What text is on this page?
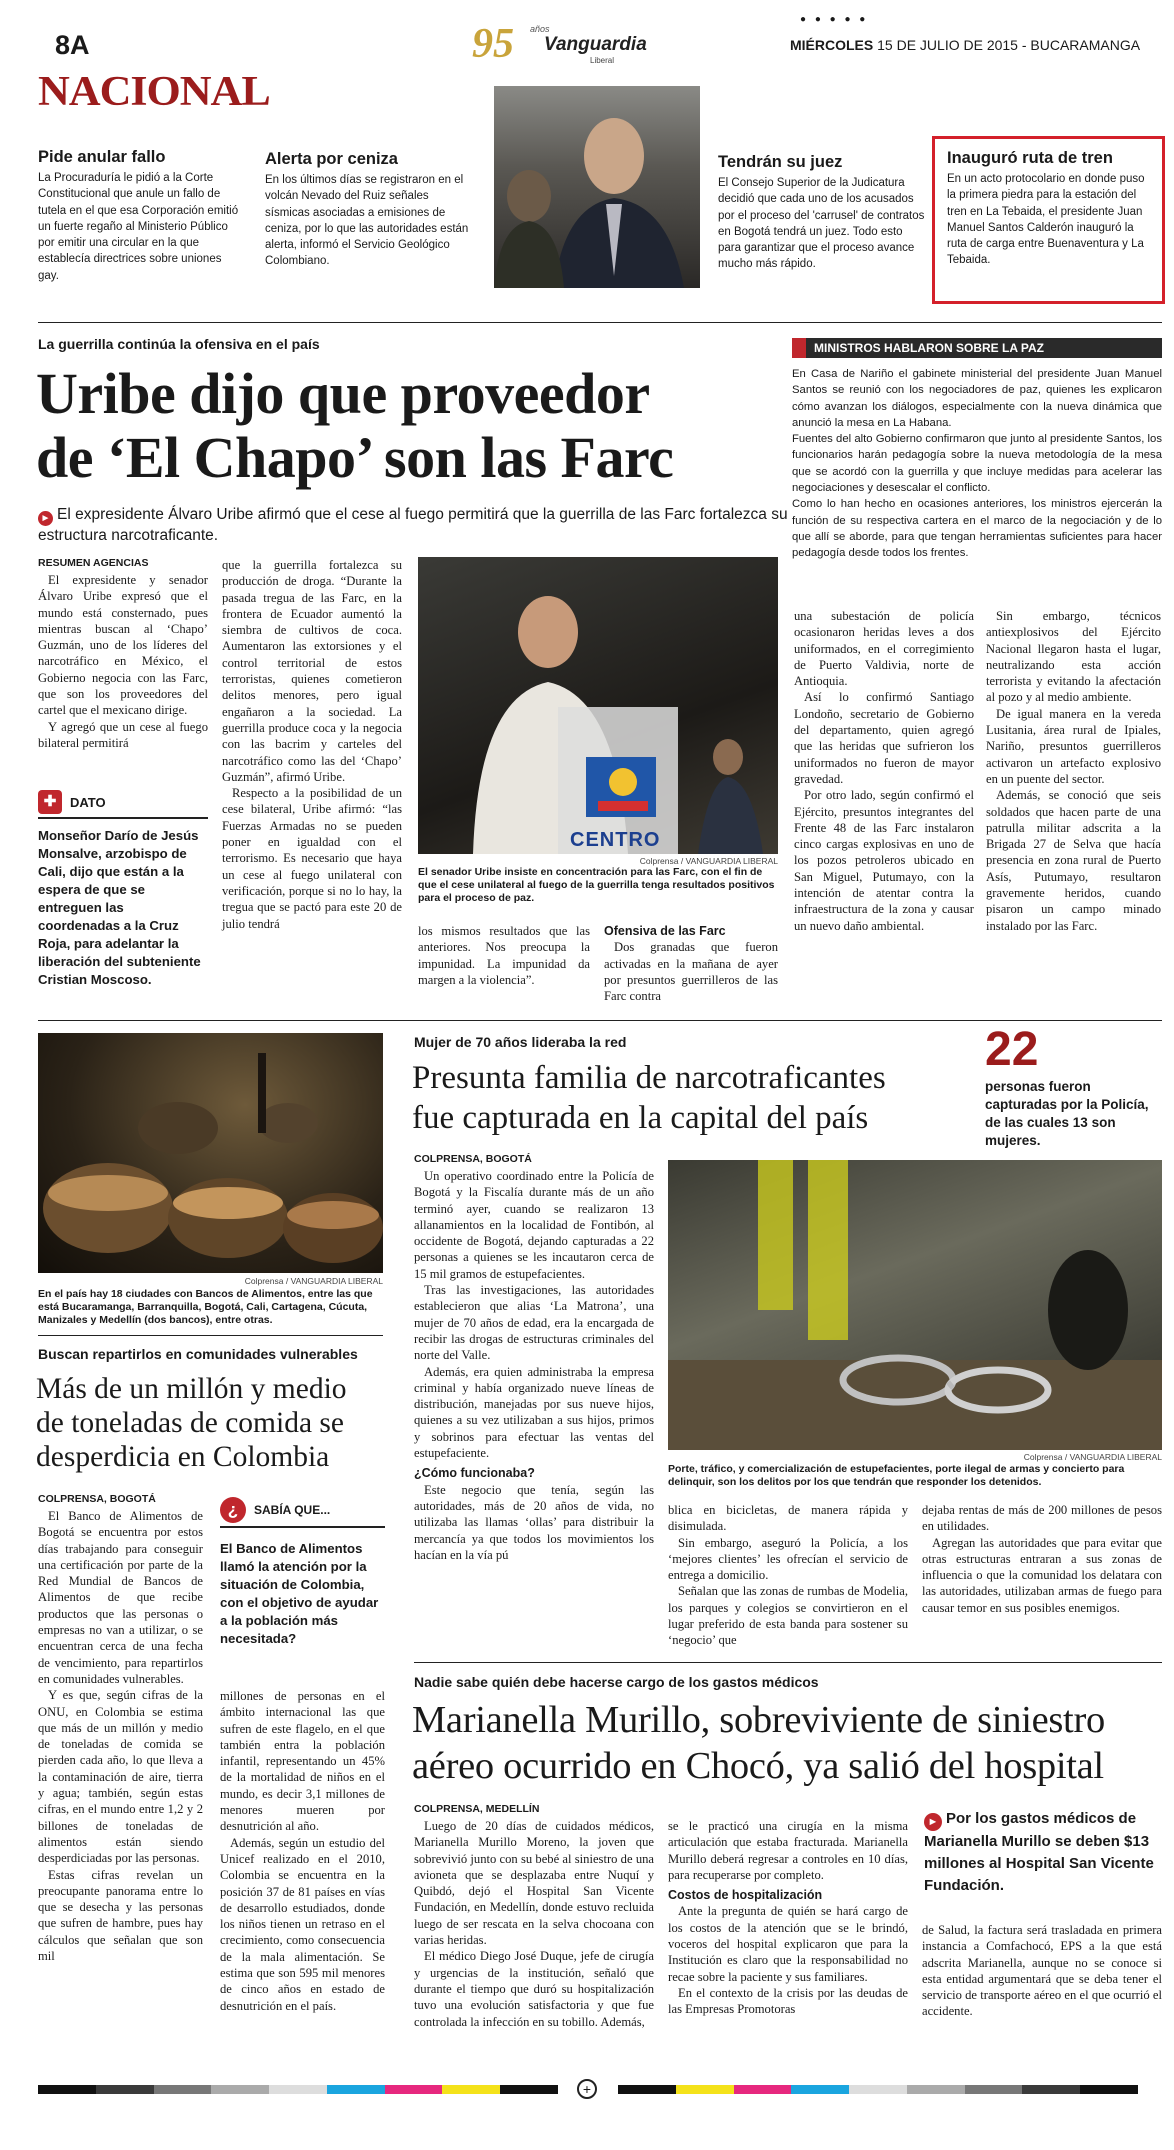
8A
NACIONAL
95 años
Vanguardia
Liberal
MIÉRCOLES 15 DE JULIO DE 2015 - BUCARAMANGA
● ● ● ● ●
Pide anular fallo
La Procuraduría le pidió a la Corte Constitucional que anule un fallo de tutela en el que esa Corporación emitió un fuerte regaño al Ministerio Público por emitir una circular en la que establecía directrices sobre uniones gay.
Alerta por ceniza
En los últimos días se registraron en el volcán Nevado del Ruiz señales sísmicas asociadas a emisiones de ceniza, por lo que las autoridades están alerta, informó el Servicio Geológico Colombiano.
Tendrán su juez
El Consejo Superior de la Judicatura decidió que cada uno de los acusados por el proceso del 'carrusel' de contratos en Bogotá tendrá un juez. Todo esto para garantizar que el proceso avance mucho más rápido.
Inauguró ruta de tren
En un acto protocolario en donde puso la primera piedra para la estación del tren en La Tebaida, el presidente Juan Manuel Santos Calderón inauguró la ruta de carga entre Buenaventura y La Tebaida.
La guerrilla continúa la ofensiva en el país
Uribe dijo que proveedor
de ‘El Chapo’ son las Farc
► El expresidente Álvaro Uribe afirmó que el cese al fuego permitirá que la guerrilla de las Farc fortalezca su estructura narcotraficante.
RESUMEN AGENCIAS

El expresidente y senador Álvaro Uribe expresó que el mundo está consternado, pues mientras buscan al ‘Chapo’ Guzmán, uno de los líderes del narcotráfico en México, el Gobierno negocia con las Farc, que son los proveedores del cartel que el mexicano dirige.

Y agregó que un cese al fuego bilateral permitirá

✚	DATO
Monseñor Darío de Jesús Monsalve, arzobispo de Cali, dijo que están a la espera de que se entreguen las coordenadas a la Cruz Roja, para adelantar la liberación del subteniente Cristian Moscoso.

que la guerrilla fortalezca su producción de droga. “Durante la pasada tregua de las Farc, en la frontera de Ecuador aumentó la siembra de cultivos de coca. Aumentaron las extorsiones y el control territorial de estos terroristas, quienes cometieron delitos menores, pero igual engañaron a la sociedad. La guerrilla produce coca y la negocia con las bacrim y carteles del narcotráfico como las del ‘Chapo’ Guzmán”, afirmó Uribe.

Respecto a la posibilidad de un cese bilateral, Uribe afirmó: “las Fuerzas Armadas no se pueden poner en igualdad con el terrorismo. Es necesario que haya un cese al fuego unilateral con verificación, porque si no lo hay, la tregua que se pactó para este 20 de julio tendrá

CENTRO
Colprensa / VANGUARDIA LIBERAL
El senador Uribe insiste en concentración para las Farc, con el fin de que el cese unilateral al fuego de la guerrilla tenga resultados positivos para el proceso de paz.

los mismos resultados que las anteriores. Nos preocupa la impunidad. La impunidad da margen a la violencia”.

Ofensiva de las Farc

Dos granadas que fueron activadas en la mañana de ayer por presuntos guerrilleros de las Farc contra

MINISTROS HABLARON SOBRE LA PAZ
En Casa de Nariño el gabinete ministerial del presidente Juan Manuel Santos se reunió con los negociadores de paz, quienes les explicaron cómo avanzan los diálogos, especialmente con la nueva dinámica que anunció la mesa en La Habana.
Fuentes del alto Gobierno confirmaron que junto al presidente Santos, los funcionarios harán pedagogía sobre la nueva metodología de la mesa que se acordó con la guerrilla y que incluye medidas para acelerar las negociaciones y desescalar el conflicto.
Como lo han hecho en ocasiones anteriores, los ministros ejercerán la función de su respectiva cartera en el marco de la negociación y de lo que allí se aborde, para que tengan herramientas suficientes para hacer pedagogía desde todos los frentes.

una subestación de policía ocasionaron heridas leves a dos uniformados, en el corregimiento de Puerto Valdivia, norte de Antioquia.

Así lo confirmó Santiago Londoño, secretario de Gobierno del departamento, quien agregó que las heridas que sufrieron los uniformados no fueron de mayor gravedad.

Por otro lado, según confirmó el Ejército, presuntos integrantes del Frente 48 de las Farc instalaron cinco cargas explosivas en uno de los pozos petroleros ubicado en San Miguel, Putumayo, con la intención de atentar contra la infraestructura de la zona y causar un nuevo daño ambiental.

Sin embargo, técnicos antiexplosivos del Ejército Nacional llegaron hasta el lugar, neutralizando esta acción terrorista y evitando la afectación al pozo y al medio ambiente.

De igual manera en la vereda Lusitania, área rural de Ipiales, Nariño, presuntos guerrilleros activaron un artefacto explosivo en un puente del sector.

Además, se conoció que seis soldados que hacen parte de una patrulla militar adscrita a la Brigada 27 de Selva que hacía presencia en zona rural de Puerto Asís, Putumayo, resultaron gravemente heridos, cuando pisaron un campo minado instalado por las Farc.

Colprensa / VANGUARDIA LIBERAL
En el país hay 18 ciudades con Bancos de Alimentos, entre las que está Bucaramanga, Barranquilla, Bogotá, Cali, Cartagena, Cúcuta, Manizales y Medellín (dos bancos), entre otras.
Buscan repartirlos en comunidades vulnerables
Más de un millón y medio
de toneladas de comida se
desperdicia en Colombia
COLPRENSA, BOGOTÁ

El Banco de Alimentos de Bogotá se encuentra por estos días trabajando para conseguir una certificación por parte de la Red Mundial de Bancos de Alimentos de que recibe productos que las personas o empresas no van a utilizar, o se encuentran cerca de una fecha de vencimiento, para repartirlos en comunidades vulnerables.

Y es que, según cifras de la ONU, en Colombia se estima que más de un millón y medio de toneladas de comida se pierden cada año, lo que lleva a la contaminación de aire, tierra y agua; también, según estas cifras, en el mundo entre 1,2 y 2 billones de toneladas de alimentos están siendo desperdiciadas por las personas.

Estas cifras revelan un preocupante panorama entre lo que se desecha y las personas que sufren de hambre, pues hay cálculos que señalan que son mil

¿	SABÍA QUE...
El Banco de Alimentos llamó la atención por la situación de Colombia, con el objetivo de ayudar a la población más necesitada?

millones de personas en el ámbito internacional las que sufren de este flagelo, en el que también entra la población infantil, representando un 45% de la mortalidad de niños en el mundo, es decir 3,1 millones de menores mueren por desnutrición al año.

Además, según un estudio del Unicef realizado en el 2010, Colombia se encuentra en la posición 37 de 81 países en vías de desarrollo estudiados, donde los niños tienen un retraso en el crecimiento, como consecuencia de la mala alimentación. Se estima que son 595 mil menores de cinco años en estado de desnutrición en el país.

Mujer de 70 años lideraba la red
Presunta familia de narcotraficantes
fue capturada en la capital del país
22
personas fueron capturadas por la Policía, de las cuales 13 son mujeres.
COLPRENSA, BOGOTÁ

Un operativo coordinado entre la Policía de Bogotá y la Fiscalía durante más de un año terminó ayer, cuando se realizaron 13 allanamientos en la localidad de Fontibón, al occidente de Bogotá, dejando capturadas a 22 personas a quienes se les incautaron cerca de 15 mil gramos de estupefacientes.

Tras las investigaciones, las autoridades establecieron que alias ‘La Matrona’, una mujer de 70 años de edad, era la encargada de recibir las drogas de estructuras criminales del norte del Valle.

Además, era quien administraba la empresa criminal y había organizado nueve líneas de distribución, manejadas por sus nueve hijos, quienes a su vez utilizaban a sus hijos, primos y sobrinos para efectuar las ventas del estupefaciente.

¿Cómo funcionaba?

Este negocio que tenía, según las autoridades, más de 20 años de vida, no utilizaba las llamas ‘ollas’ para distribuir la mercancía ya que todos los movimientos los hacían en la vía pú

Colprensa / VANGUARDIA LIBERAL
Porte, tráfico, y comercialización de estupefacientes, porte ilegal de armas y concierto para delinquir, son los delitos por los que tendrán que responder los detenidos.

blica en bicicletas, de manera rápida y disimulada.

Sin embargo, aseguró la Policía, a los ‘mejores clientes’ les ofrecían el servicio de entrega a domicilio.

Señalan que las zonas de rumbas de Modelia, los parques y colegios se convirtieron en el lugar preferido de esta banda para sostener su ‘negocio’ que

dejaba rentas de más de 200 millones de pesos en utilidades.

Agregan las autoridades que para evitar que otras estructuras entraran a sus zonas de influencia o que la comunidad los delatara con las autoridades, utilizaban armas de fuego para causar temor en sus posibles enemigos.

Nadie sabe quién debe hacerse cargo de los gastos médicos
Marianella Murillo, sobreviviente de siniestro
aéreo ocurrido en Chocó, ya salió del hospital
COLPRENSA, MEDELLÍN

Luego de 20 días de cuidados médicos, Marianella Murillo Moreno, la joven que sobrevivió junto con su bebé al siniestro de una avioneta que se desplazaba entre Nuquí y Quibdó, dejó el Hospital San Vicente Fundación, en Medellín, donde estuvo recluida luego de ser rescata en la selva chocoana con varias heridas.

El médico Diego José Duque, jefe de cirugía y urgencias de la institución, señaló que durante el tiempo que duró su hospitalización tuvo una evolución satisfactoria y que fue controlada la infección en su tobillo. Además,

se le practicó una cirugía en la misma articulación que estaba fracturada. Marianella Murillo deberá regresar a controles en 10 días, para recuperarse por completo.

Costos de hospitalización

Ante la pregunta de quién se hará cargo de los costos de la atención que se le brindó, voceros del hospital explicaron que para la Institución es claro que la responsabilidad no recae sobre la paciente y sus familiares.

En el contexto de la crisis por las deudas de las Empresas Promotoras

► Por los gastos médicos de Marianella Murillo se deben $13 millones al Hospital San Vicente Fundación.

de Salud, la factura será trasladada en primera instancia a Comfachocó, EPS a la que está adscrita Marianella, aunque no se conoce si esta entidad argumentará que se deba tener el servicio de transporte aéreo en el que ocurrió el accidente.

+
